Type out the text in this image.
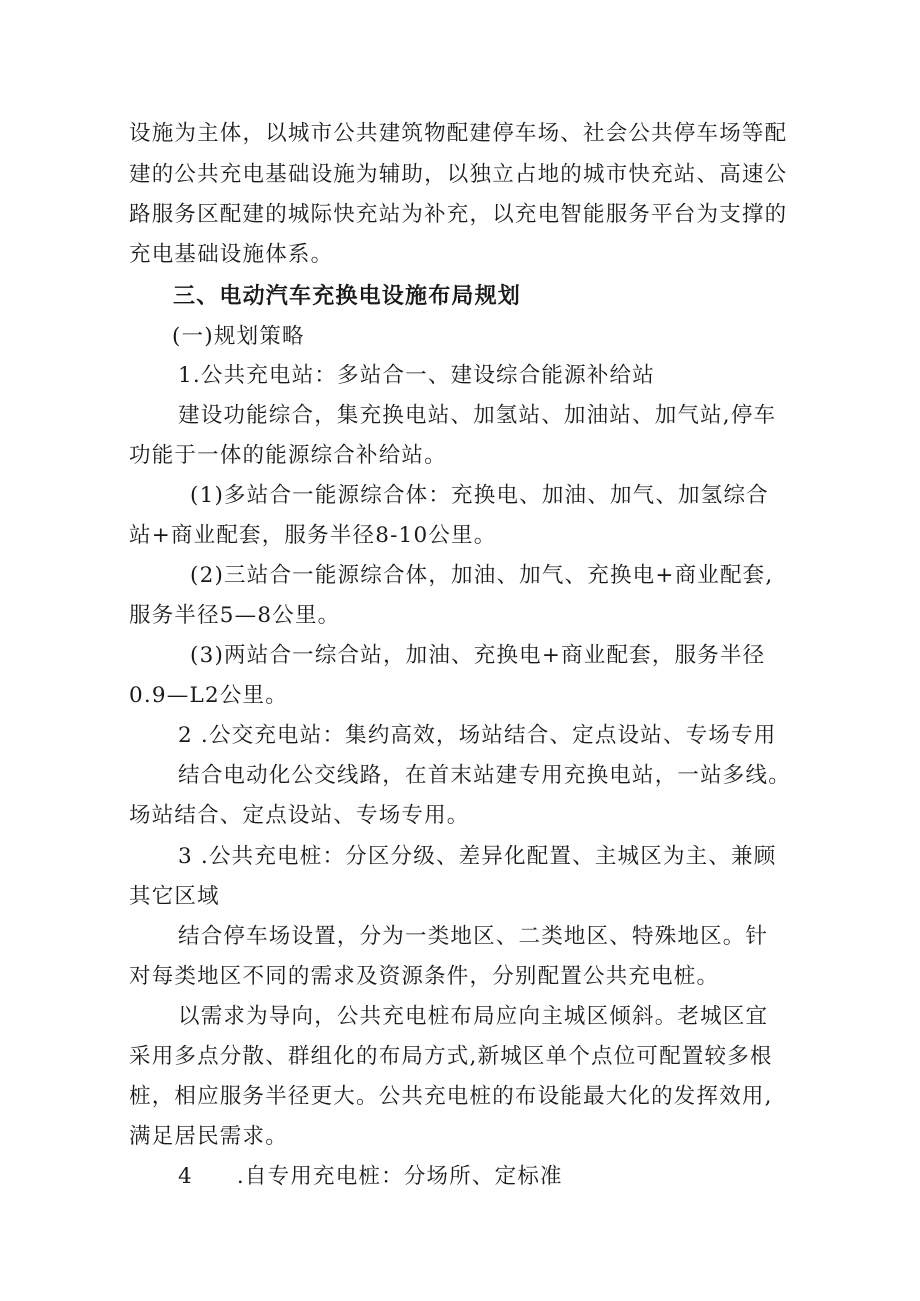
设施为主体，以城市公共建筑物配建停车场、社会公共停车场等配
建的公共充电基础设施为辅助，以独立占地的城市快充站、高速公
路服务区配建的城际快充站为补充，以充电智能服务平台为支撑的
充电基础设施体系。
三、电动汽车充换电设施布局规划
(一)规划策略
1.公共充电站：多站合一、建设综合能源补给站
建设功能综合，集充换电站、加氢站、加油站、加气站,停车
功能于一体的能源综合补给站。
(1)多站合一能源综合体：充换电、加油、加气、加氢综合
站+商业配套，服务半径8-10公里。
(2)三站合一能源综合体，加油、加气、充换电+商业配套,
服务半径5—8公里。
(3)两站合一综合站，加油、充换电+商业配套，服务半径
0.9—L2公里。
2 .公交充电站：集约高效，场站结合、定点设站、专场专用
结合电动化公交线路，在首末站建专用充换电站，一站多线。
场站结合、定点设站、专场专用。
3 .公共充电桩：分区分级、差异化配置、主城区为主、兼顾
其它区域
结合停车场设置，分为一类地区、二类地区、特殊地区。针
对每类地区不同的需求及资源条件，分别配置公共充电桩。
以需求为导向，公共充电桩布局应向主城区倾斜。老城区宜
采用多点分散、群组化的布局方式,新城区单个点位可配置较多根
桩，相应服务半径更大。公共充电桩的布设能最大化的发挥效用,
满足居民需求。
4 .自专用充电桩：分场所、定标准
